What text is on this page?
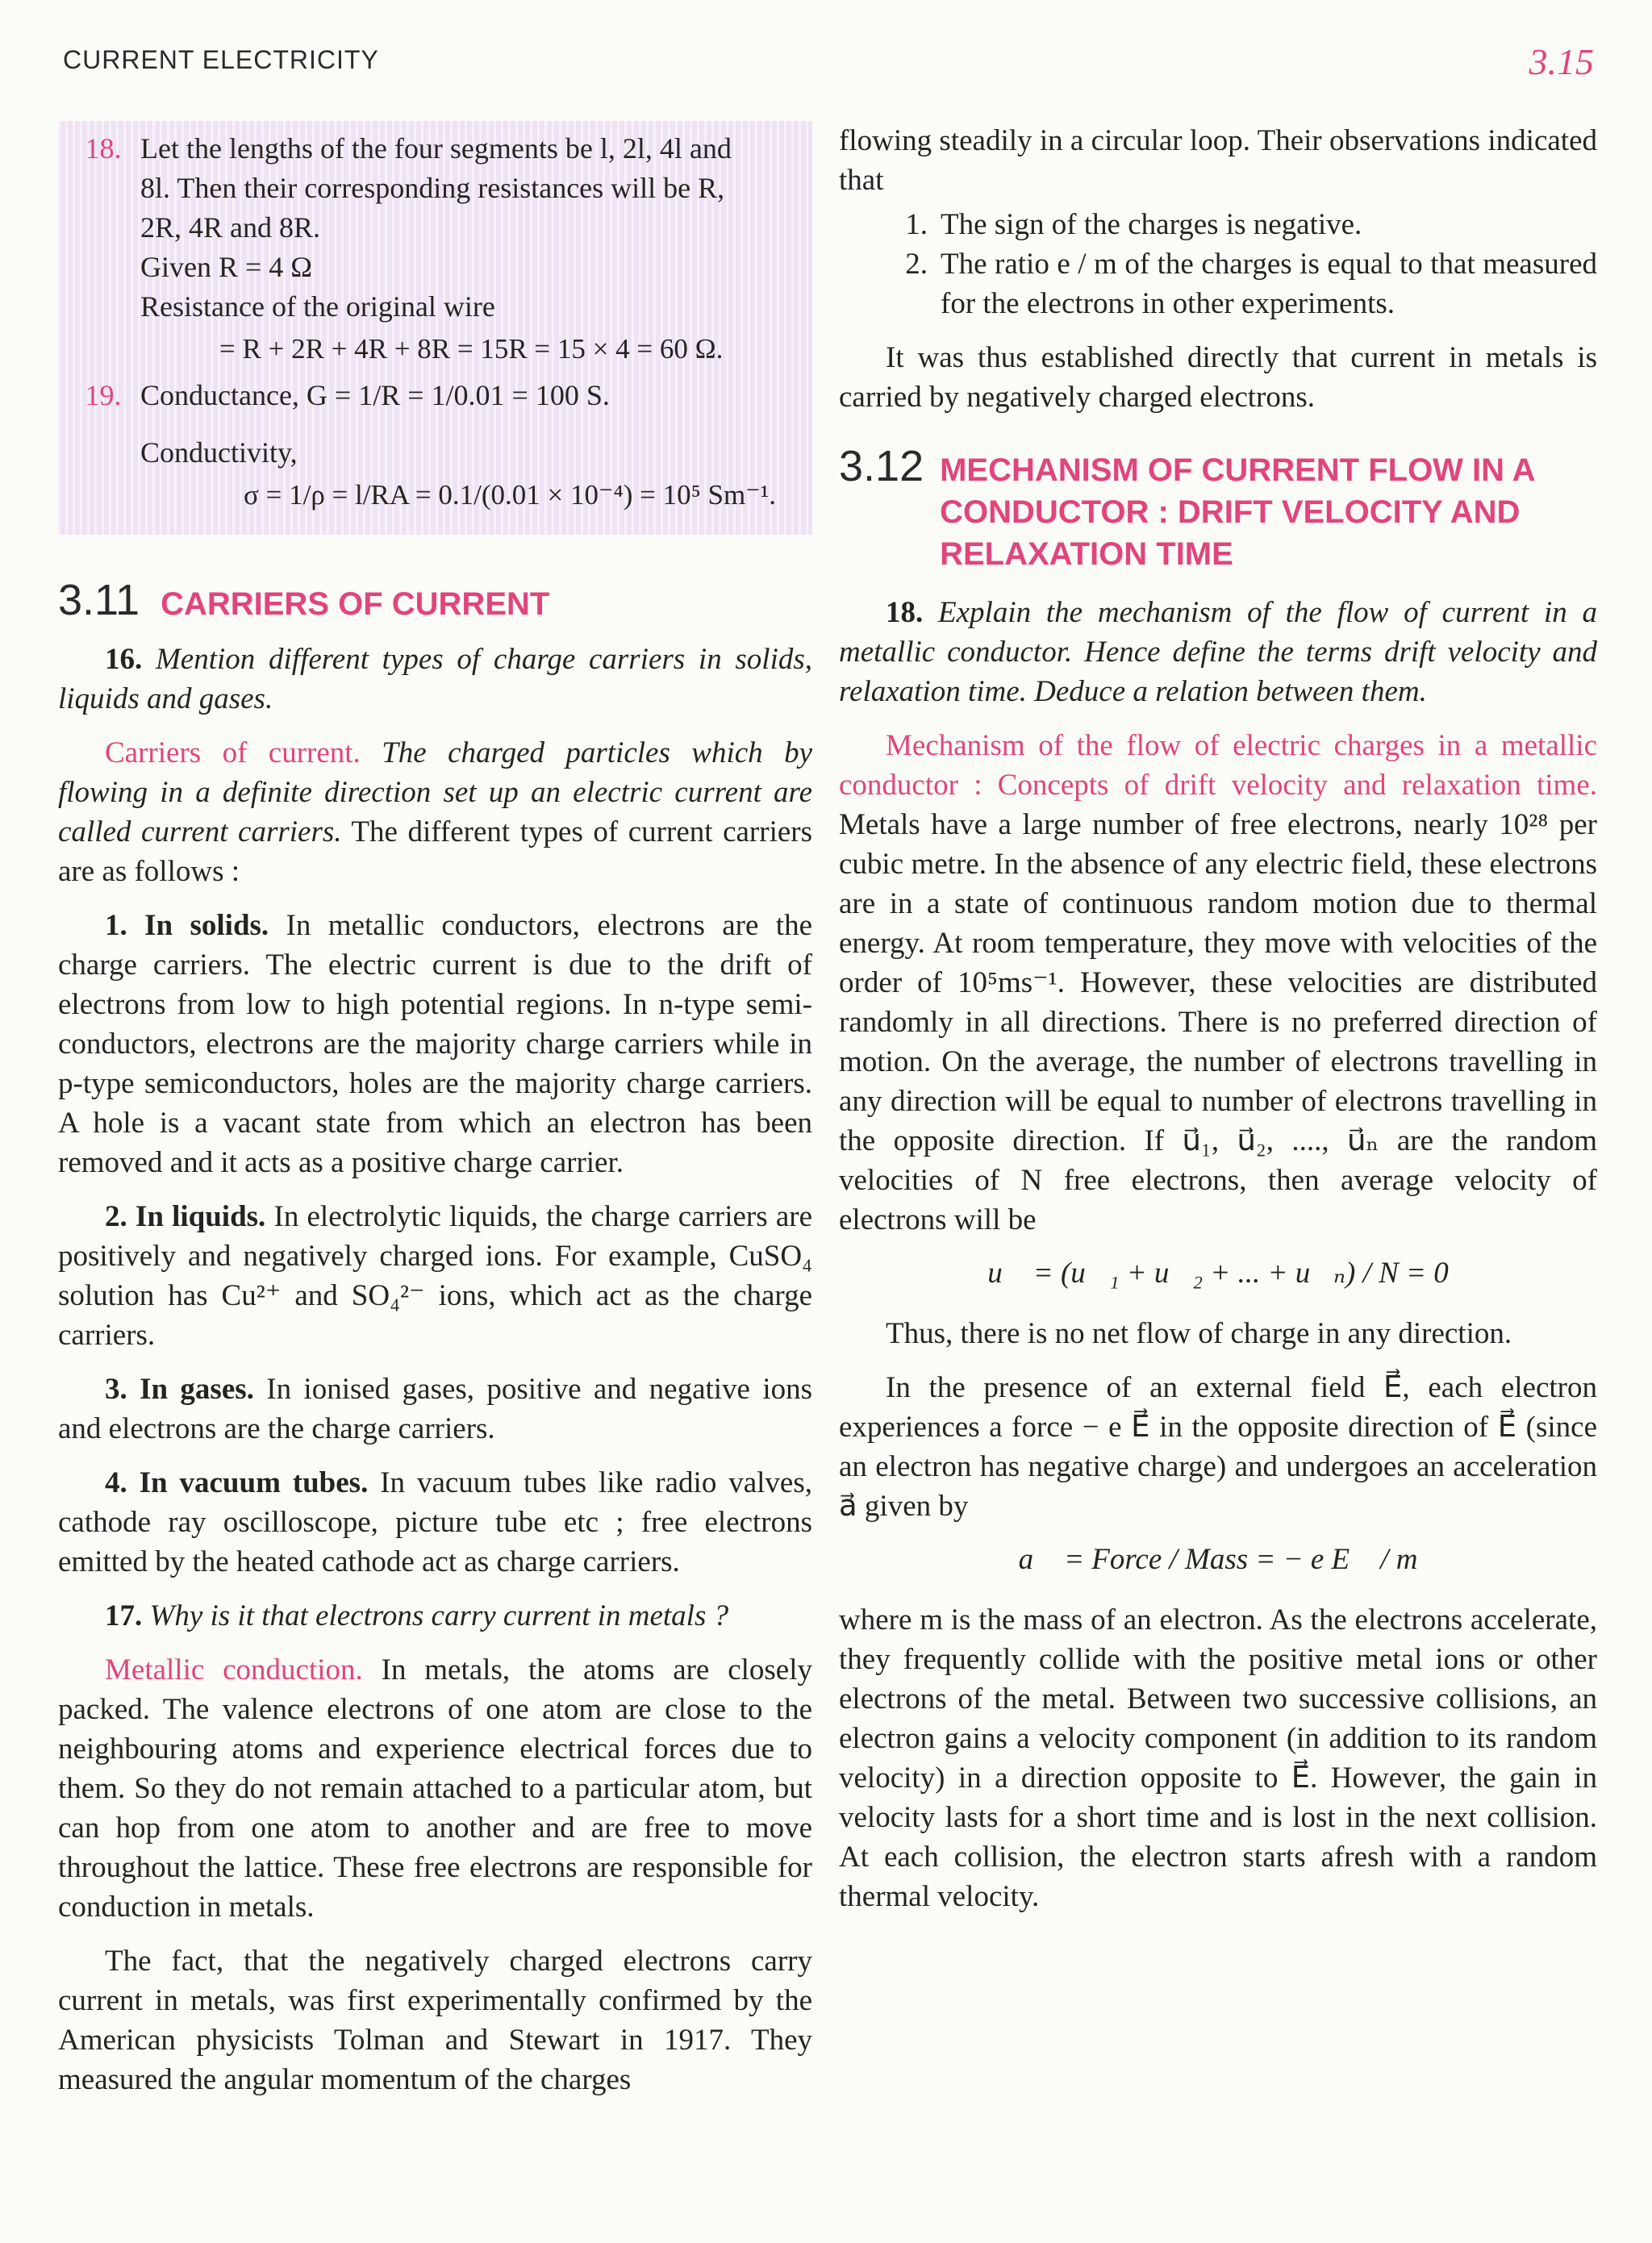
CURRENT ELECTRICITY	3.15
18. Let the lengths of the four segments be l, 2l, 4l and
8l. Then their corresponding resistances will be R,
2R, 4R and 8R.
Given R = 4 Ω
Resistance of the original wire
= R + 2R + 4R + 8R = 15R = 15 × 4 = 60 Ω.
19. Conductance, G = 1/R = 1/0.01 = 100 S.
Conductivity,
σ = 1/ρ = l/RA = 0.1/(0.01 × 10⁻⁴) = 10⁵ Sm⁻¹.
3.11 CARRIERS OF CURRENT

16. Mention different types of charge carriers in solids, liquids and gases.

Carriers of current. The charged particles which by flowing in a definite direction set up an electric current are called current carriers. The different types of current carriers are as follows :

1. In solids. In metallic conductors, electrons are the charge carriers. The electric current is due to the drift of electrons from low to high potential regions. In n-type semi-conductors, electrons are the majority charge carriers while in p-type semiconductors, holes are the majority charge carriers. A hole is a vacant state from which an electron has been removed and it acts as a positive charge carrier.

2. In liquids. In electrolytic liquids, the charge carriers are positively and negatively charged ions. For example, CuSO₄ solution has Cu²⁺ and SO₄²⁻ ions, which act as the charge carriers.

3. In gases. In ionised gases, positive and negative ions and electrons are the charge carriers.

4. In vacuum tubes. In vacuum tubes like radio valves, cathode ray oscilloscope, picture tube etc ; free electrons emitted by the heated cathode act as charge carriers.

17. Why is it that electrons carry current in metals ?

Metallic conduction. In metals, the atoms are closely packed. The valence electrons of one atom are close to the neighbouring atoms and experience electrical forces due to them. So they do not remain attached to a particular atom, but can hop from one atom to another and are free to move throughout the lattice. These free electrons are responsible for conduction in metals.

The fact, that the negatively charged electrons carry current in metals, was first experimentally confirmed by the American physicists Tolman and Stewart in 1917. They measured the angular momentum of the charges

flowing steadily in a circular loop. Their observations indicated that

1. The sign of the charges is negative.
2. The ratio e / m of the charges is equal to that measured for the electrons in other experiments.

It was thus established directly that current in metals is carried by negatively charged electrons.

3.12 MECHANISM OF CURRENT FLOW IN A CONDUCTOR : DRIFT VELOCITY AND RELAXATION TIME

18. Explain the mechanism of the flow of current in a metallic conductor. Hence define the terms drift velocity and relaxation time. Deduce a relation between them.

Mechanism of the flow of electric charges in a metallic conductor : Concepts of drift velocity and relaxation time. Metals have a large number of free electrons, nearly 10²⁸ per cubic metre. In the absence of any electric field, these electrons are in a state of continuous random motion due to thermal energy. At room temperature, they move with velocities of the order of 10⁵ms⁻¹. However, these velocities are distributed randomly in all directions. There is no preferred direction of motion. On the average, the number of electrons travelling in any direction will be equal to number of electrons travelling in the opposite direction. If u⃗₁, u⃗₂, ...., u⃗ₙ are the random velocities of N free electrons, then average velocity of electrons will be

u⃗ = (u⃗₁ + u⃗₂ + ... + u⃗ₙ) / N = 0

Thus, there is no net flow of charge in any direction.

In the presence of an external field E⃗, each electron experiences a force − e E⃗ in the opposite direction of E⃗ (since an electron has negative charge) and undergoes an acceleration a⃗ given by

a⃗ = Force / Mass = − e E⃗ / m

where m is the mass of an electron. As the electrons accelerate, they frequently collide with the positive metal ions or other electrons of the metal. Between two successive collisions, an electron gains a velocity component (in addition to its random velocity) in a direction opposite to E⃗. However, the gain in velocity lasts for a short time and is lost in the next collision. At each collision, the electron starts afresh with a random thermal velocity.
